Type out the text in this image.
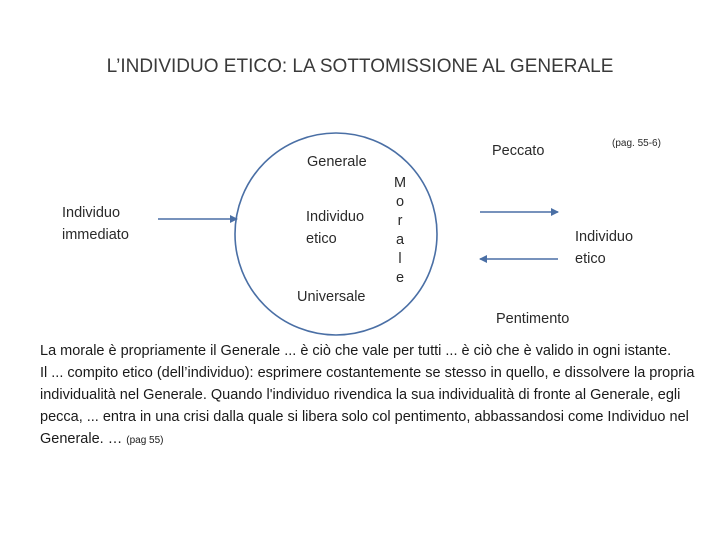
L’INDIVIDUO ETICO: LA SOTTOMISSIONE AL GENERALE
Individuo immediato
Generale
Individuo etico
Universale
M
o
r
a
l
e
Peccato	(pag. 55-6)
Individuo etico
Pentimento

La morale è propriamente il Generale ... è ciò che vale per tutti ... è ciò che è valido in ogni istante.

Il ... compito etico (dell’individuo): esprimere costantemente se stesso in quello, e dissolvere la propria individualità nel Generale. Quando l'individuo rivendica la sua individualità di fronte al Generale, egli pecca, ... entra in una crisi dalla quale si libera solo col pentimento, abbassandosi come Individuo nel Generale. … (pag 55)
